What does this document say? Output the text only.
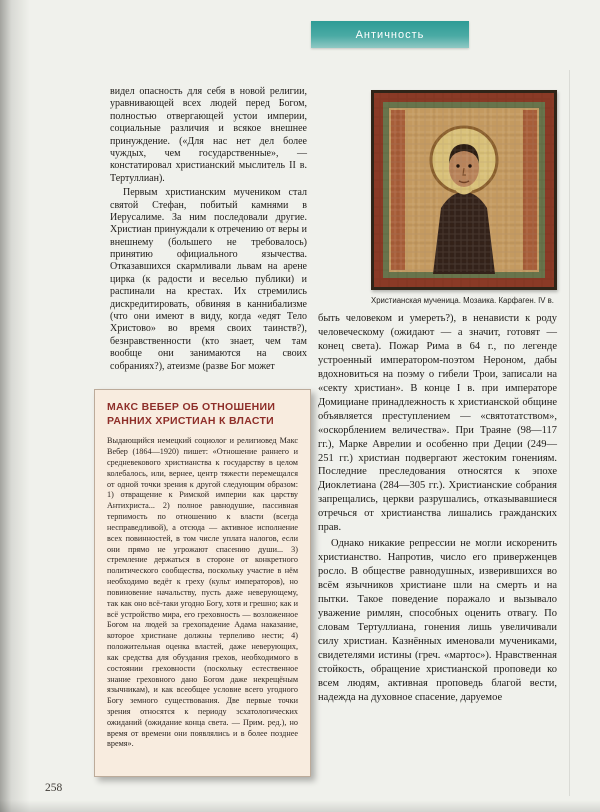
Античность

видел опасность для себя в новой религии, уравнивающей всех людей перед Богом, полностью отвергающей устои империи, социальные различия и всякое внешнее принуждение. («Для нас нет дел более чуждых, чем государственные», — констатировал христианский мыслитель II в. Тертуллиан).

Первым христианским мучеником стал святой Стефан, побитый камнями в Иерусалиме. За ним последовали другие. Христиан принуждали к отречению от веры и внешнему (большего не требовалось) принятию официального язычества. Отказавшихся скармливали львам на арене цирка (к радости и веселью публики) и распинали на крестах. Их стремились дискредитировать, обвиняя в каннибализме (что они имеют в виду, когда «едят Тело Христово» во время своих таинств?), безнравственности (кто знает, чем там вообще они занимаются на своих собраниях?), атеизме (разве Бог может

Христианская мученица. Мозаика. Карфаген. IV в.

быть человеком и умереть?), в ненависти к роду человеческому (ожидают — а значит, готовят — конец света). Пожар Рима в 64 г., по легенде устроенный императором-поэтом Нероном, дабы вдохновиться на поэму о гибели Трои, записали на «секту христиан». В конце I в. при императоре Домициане принадлежность к христианской общине объявляется преступлением — «святотатством», «оскорблением величества». При Траяне (98—117 гг.), Марке Аврелии и особенно при Деции (249—251 гг.) христиан подвергают жестоким гонениям. Последние преследования относятся к эпохе Диоклетиана (284—305 гг.). Христианские собрания запрещались, церкви разрушались, отказывавшиеся отречься от христианства лишались гражданских прав.

Однако никакие репрессии не могли искоренить христианство. Напротив, число его приверженцев росло. В обществе равнодушных, изверившихся во всём язычников христиане шли на смерть и на пытки. Такое поведение поражало и вызывало уважение римлян, способных оценить отвагу. По словам Тертуллиана, гонения лишь увеличивали силу христиан. Казнённых именовали мучениками, свидетелями истины (греч. «мартос»). Нравственная стойкость, обращение христианской проповеди ко всем людям, активная проповедь благой вести, надежда на духовное спасение, даруемое

МАКС ВЕБЕР ОБ ОТНОШЕНИИ РАННИХ ХРИСТИАН К ВЛАСТИ

Выдающийся немецкий социолог и религиовед Макс Вебер (1864—1920) пишет: «Отношение раннего и средневекового христианства к государству в целом колебалось, или, вернее, центр тяжести перемещался от одной точки зрения к другой следующим образом: 1) отвращение к Римской империи как царству Антихриста... 2) полное равнодушие, пассивная терпимость по отношению к власти (всегда несправедливой), а отсюда — активное исполнение всех повинностей, в том числе уплата налогов, если они прямо не угрожают спасению души... 3) стремление держаться в стороне от конкретного политического сообщества, поскольку участие в нём необходимо ведёт к греху (культ императоров), но повиновение начальству, пусть даже неверующему, так как оно всё-таки угодно Богу, хотя и грешно; как и всё устройство мира, его греховность — возложенное Богом на людей за грехопадение Адама наказание, которое христиане должны терпеливо нести; 4) положительная оценка властей, даже неверующих, как средства для обуздания грехов, необходимого в состоянии греховности (поскольку естественное знание греховного дано Богом даже некрещёным язычникам), и как всеобщее условие всего угодного Богу земного существования. Две первые точки зрения относятся к периоду эсхатологических ожиданий (ожидание конца света. — Прим. ред.), но время от времени они появлялись и в более позднее время».

258
